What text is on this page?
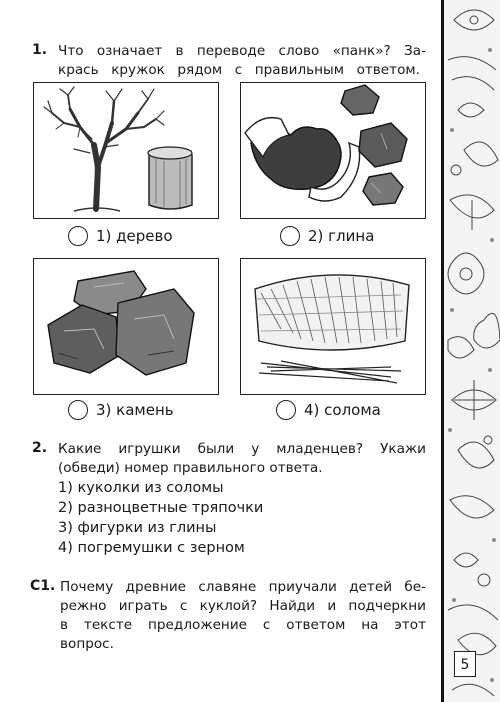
1. Что означает в переводе слово «панк»? За-
крась кружок рядом с правильным ответом.
1) дерево	2) глина
3) камень	4) солома
2. Какие игрушки были у младенцев? Укажи
(обведи) номер правильного ответа.
1) куколки из соломы
2) разноцветные тряпочки
3) фигурки из глины
4) погремушки с зерном
С1. Почему древние славяне приучали детей бе-
режно играть с куклой? Найди и подчеркни
в тексте предложение с ответом на этот
вопрос.
5
